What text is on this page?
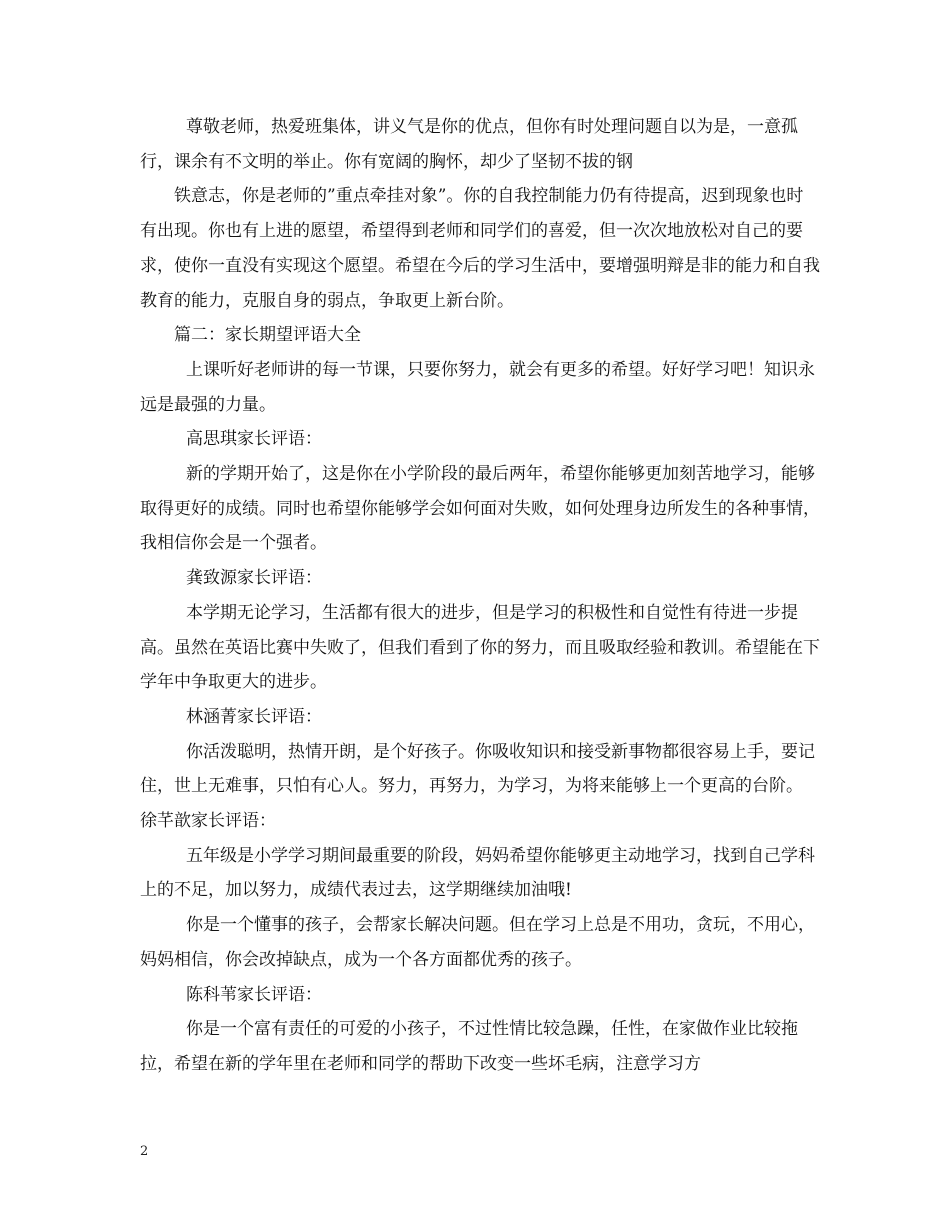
尊敬老师，热爱班集体，讲义气是你的优点，但你有时处理问题自以为是，一意孤行，课余有不文明的举止。你有宽阔的胸怀，却少了坚韧不拔的钢

铁意志，你是老师的”重点牵挂对象”。你的自我控制能力仍有待提高，迟到现象也时有出现。你也有上进的愿望，希望得到老师和同学们的喜爱，但一次次地放松对自己的要求，使你一直没有实现这个愿望。希望在今后的学习生活中，要增强明辩是非的能力和自我教育的能力，克服自身的弱点，争取更上新台阶。

篇二：家长期望评语大全

上课听好老师讲的每一节课，只要你努力，就会有更多的希望。好好学习吧！知识永远是最强的力量。

高思琪家长评语：

新的学期开始了，这是你在小学阶段的最后两年，希望你能够更加刻苦地学习，能够取得更好的成绩。同时也希望你能够学会如何面对失败，如何处理身边所发生的各种事情，我相信你会是一个强者。

龚致源家长评语：

本学期无论学习，生活都有很大的进步，但是学习的积极性和自觉性有待进一步提高。虽然在英语比赛中失败了，但我们看到了你的努力，而且吸取经验和教训。希望能在下学年中争取更大的进步。

林涵菁家长评语：

你活泼聪明，热情开朗，是个好孩子。你吸收知识和接受新事物都很容易上手，要记住，世上无难事，只怕有心人。努力，再努力，为学习，为将来能够上一个更高的台阶。 徐芊歆家长评语：

五年级是小学学习期间最重要的阶段，妈妈希望你能够更主动地学习，找到自己学科上的不足，加以努力，成绩代表过去，这学期继续加油哦!

你是一个懂事的孩子，会帮家长解决问题。但在学习上总是不用功，贪玩，不用心，妈妈相信，你会改掉缺点，成为一个各方面都优秀的孩子。

陈科苇家长评语：

你是一个富有责任的可爱的小孩子，不过性情比较急躁，任性，在家做作业比较拖拉，希望在新的学年里在老师和同学的帮助下改变一些坏毛病，注意学习方

2
